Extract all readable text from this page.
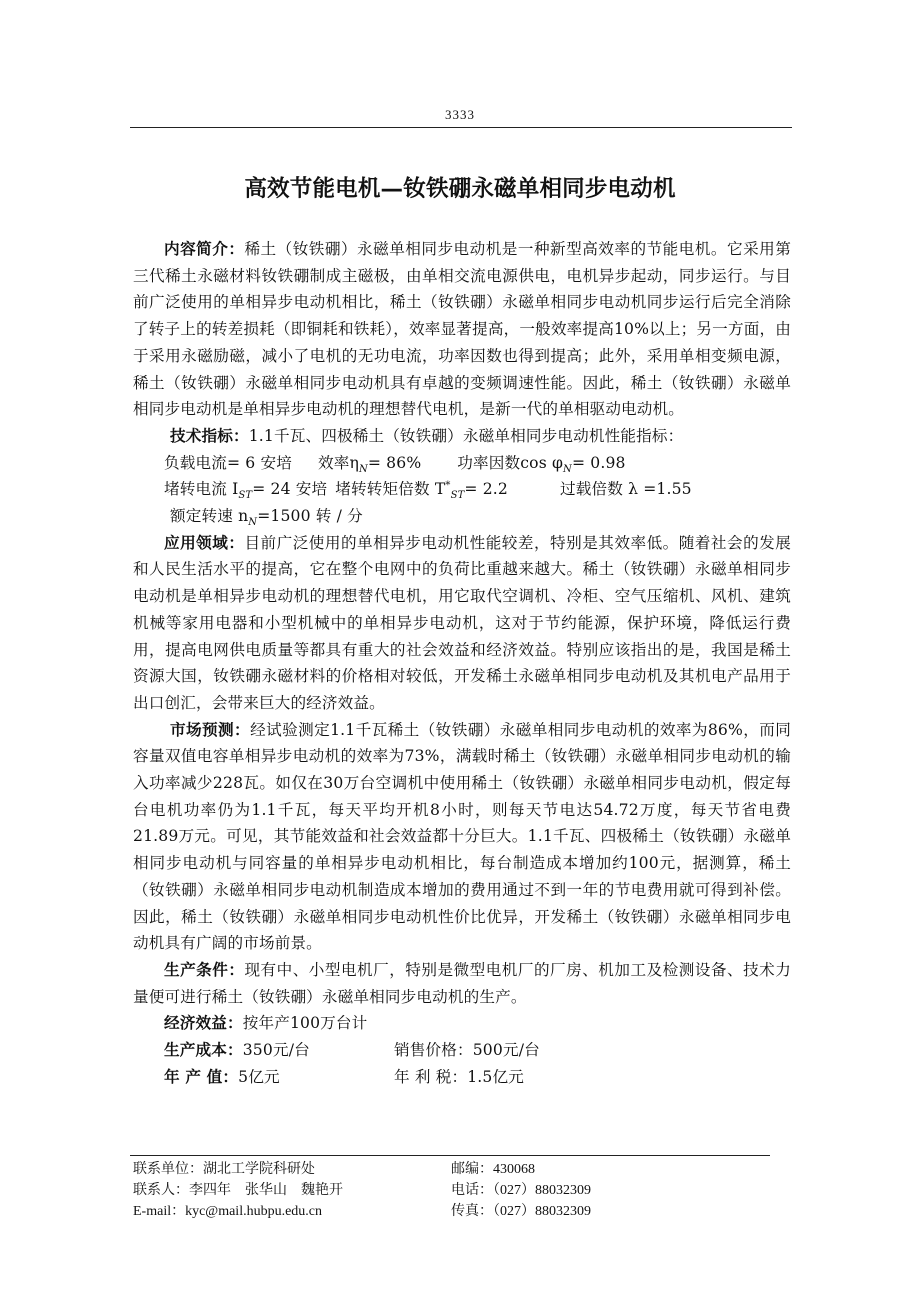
3333
高效节能电机—钕铁硼永磁单相同步电动机

内容简介：稀土（钕铁硼）永磁单相同步电动机是一种新型高效率的节能电机。它采用第三代稀土永磁材料钕铁硼制成主磁极，由单相交流电源供电，电机异步起动，同步运行。与目前广泛使用的单相异步电动机相比，稀土（钕铁硼）永磁单相同步电动机同步运行后完全消除了转子上的转差损耗（即铜耗和铁耗），效率显著提高，一般效率提高10%以上；另一方面，由于采用永磁励磁，减小了电机的无功电流，功率因数也得到提高；此外，采用单相变频电源，稀土（钕铁硼）永磁单相同步电动机具有卓越的变频调速性能。因此，稀土（钕铁硼）永磁单相同步电动机是单相异步电动机的理想替代电机，是新一代的单相驱动电动机。

技术指标：1.1千瓦、四极稀土（钕铁硼）永磁单相同步电动机性能指标：

负载电流= 6 安培 效率$\eta_N= 86\%$ 功率因数$\cos \varphi_N= 0.98$

堵转电流 $I_{ST}= 24$ 安培 堵转转矩倍数 $T^*_{ST}= 2.2$	过载倍数 λ =1.55

额定转速 $n_N=1500$ 转 / 分

应用领域：目前广泛使用的单相异步电动机性能较差，特别是其效率低。随着社会的发展和人民生活水平的提高，它在整个电网中的负荷比重越来越大。稀土（钕铁硼）永磁单相同步电动机是单相异步电动机的理想替代电机，用它取代空调机、冷柜、空气压缩机、风机、建筑机械等家用电器和小型机械中的单相异步电动机，这对于节约能源，保护环境，降低运行费用，提高电网供电质量等都具有重大的社会效益和经济效益。特别应该指出的是，我国是稀土资源大国，钕铁硼永磁材料的价格相对较低，开发稀土永磁单相同步电动机及其机电产品用于出口创汇，会带来巨大的经济效益。

市场预测：经试验测定1.1千瓦稀土（钕铁硼）永磁单相同步电动机的效率为86%，而同容量双值电容单相异步电动机的效率为73%，满载时稀土（钕铁硼）永磁单相同步电动机的输入功率减少228瓦。如仅在30万台空调机中使用稀土（钕铁硼）永磁单相同步电动机，假定每台电机功率仍为1.1千瓦，每天平均开机8小时，则每天节电达54.72万度，每天节省电费21.89万元。可见，其节能效益和社会效益都十分巨大。1.1千瓦、四极稀土（钕铁硼）永磁单相同步电动机与同容量的单相异步电动机相比，每台制造成本增加约100元，据测算，稀土（钕铁硼）永磁单相同步电动机制造成本增加的费用通过不到一年的节电费用就可得到补偿。因此，稀土（钕铁硼）永磁单相同步电动机性价比优异，开发稀土（钕铁硼）永磁单相同步电动机具有广阔的市场前景。

生产条件：现有中、小型电机厂，特别是微型电机厂的厂房、机加工及检测设备、技术力量便可进行稀土（钕铁硼）永磁单相同步电动机的生产。

经济效益：按年产100万台计

生产成本：350元/台	销售价格：500元/台

年 产 值：5亿元	年 利 税：1.5亿元

联系单位：湖北工学院科研处	邮编：430068
联系人：李四年　张华山　魏艳开	电话：（027）88032309
E-mail：kyc@mail.hubpu.edu.cn	传真：（027）88032309
